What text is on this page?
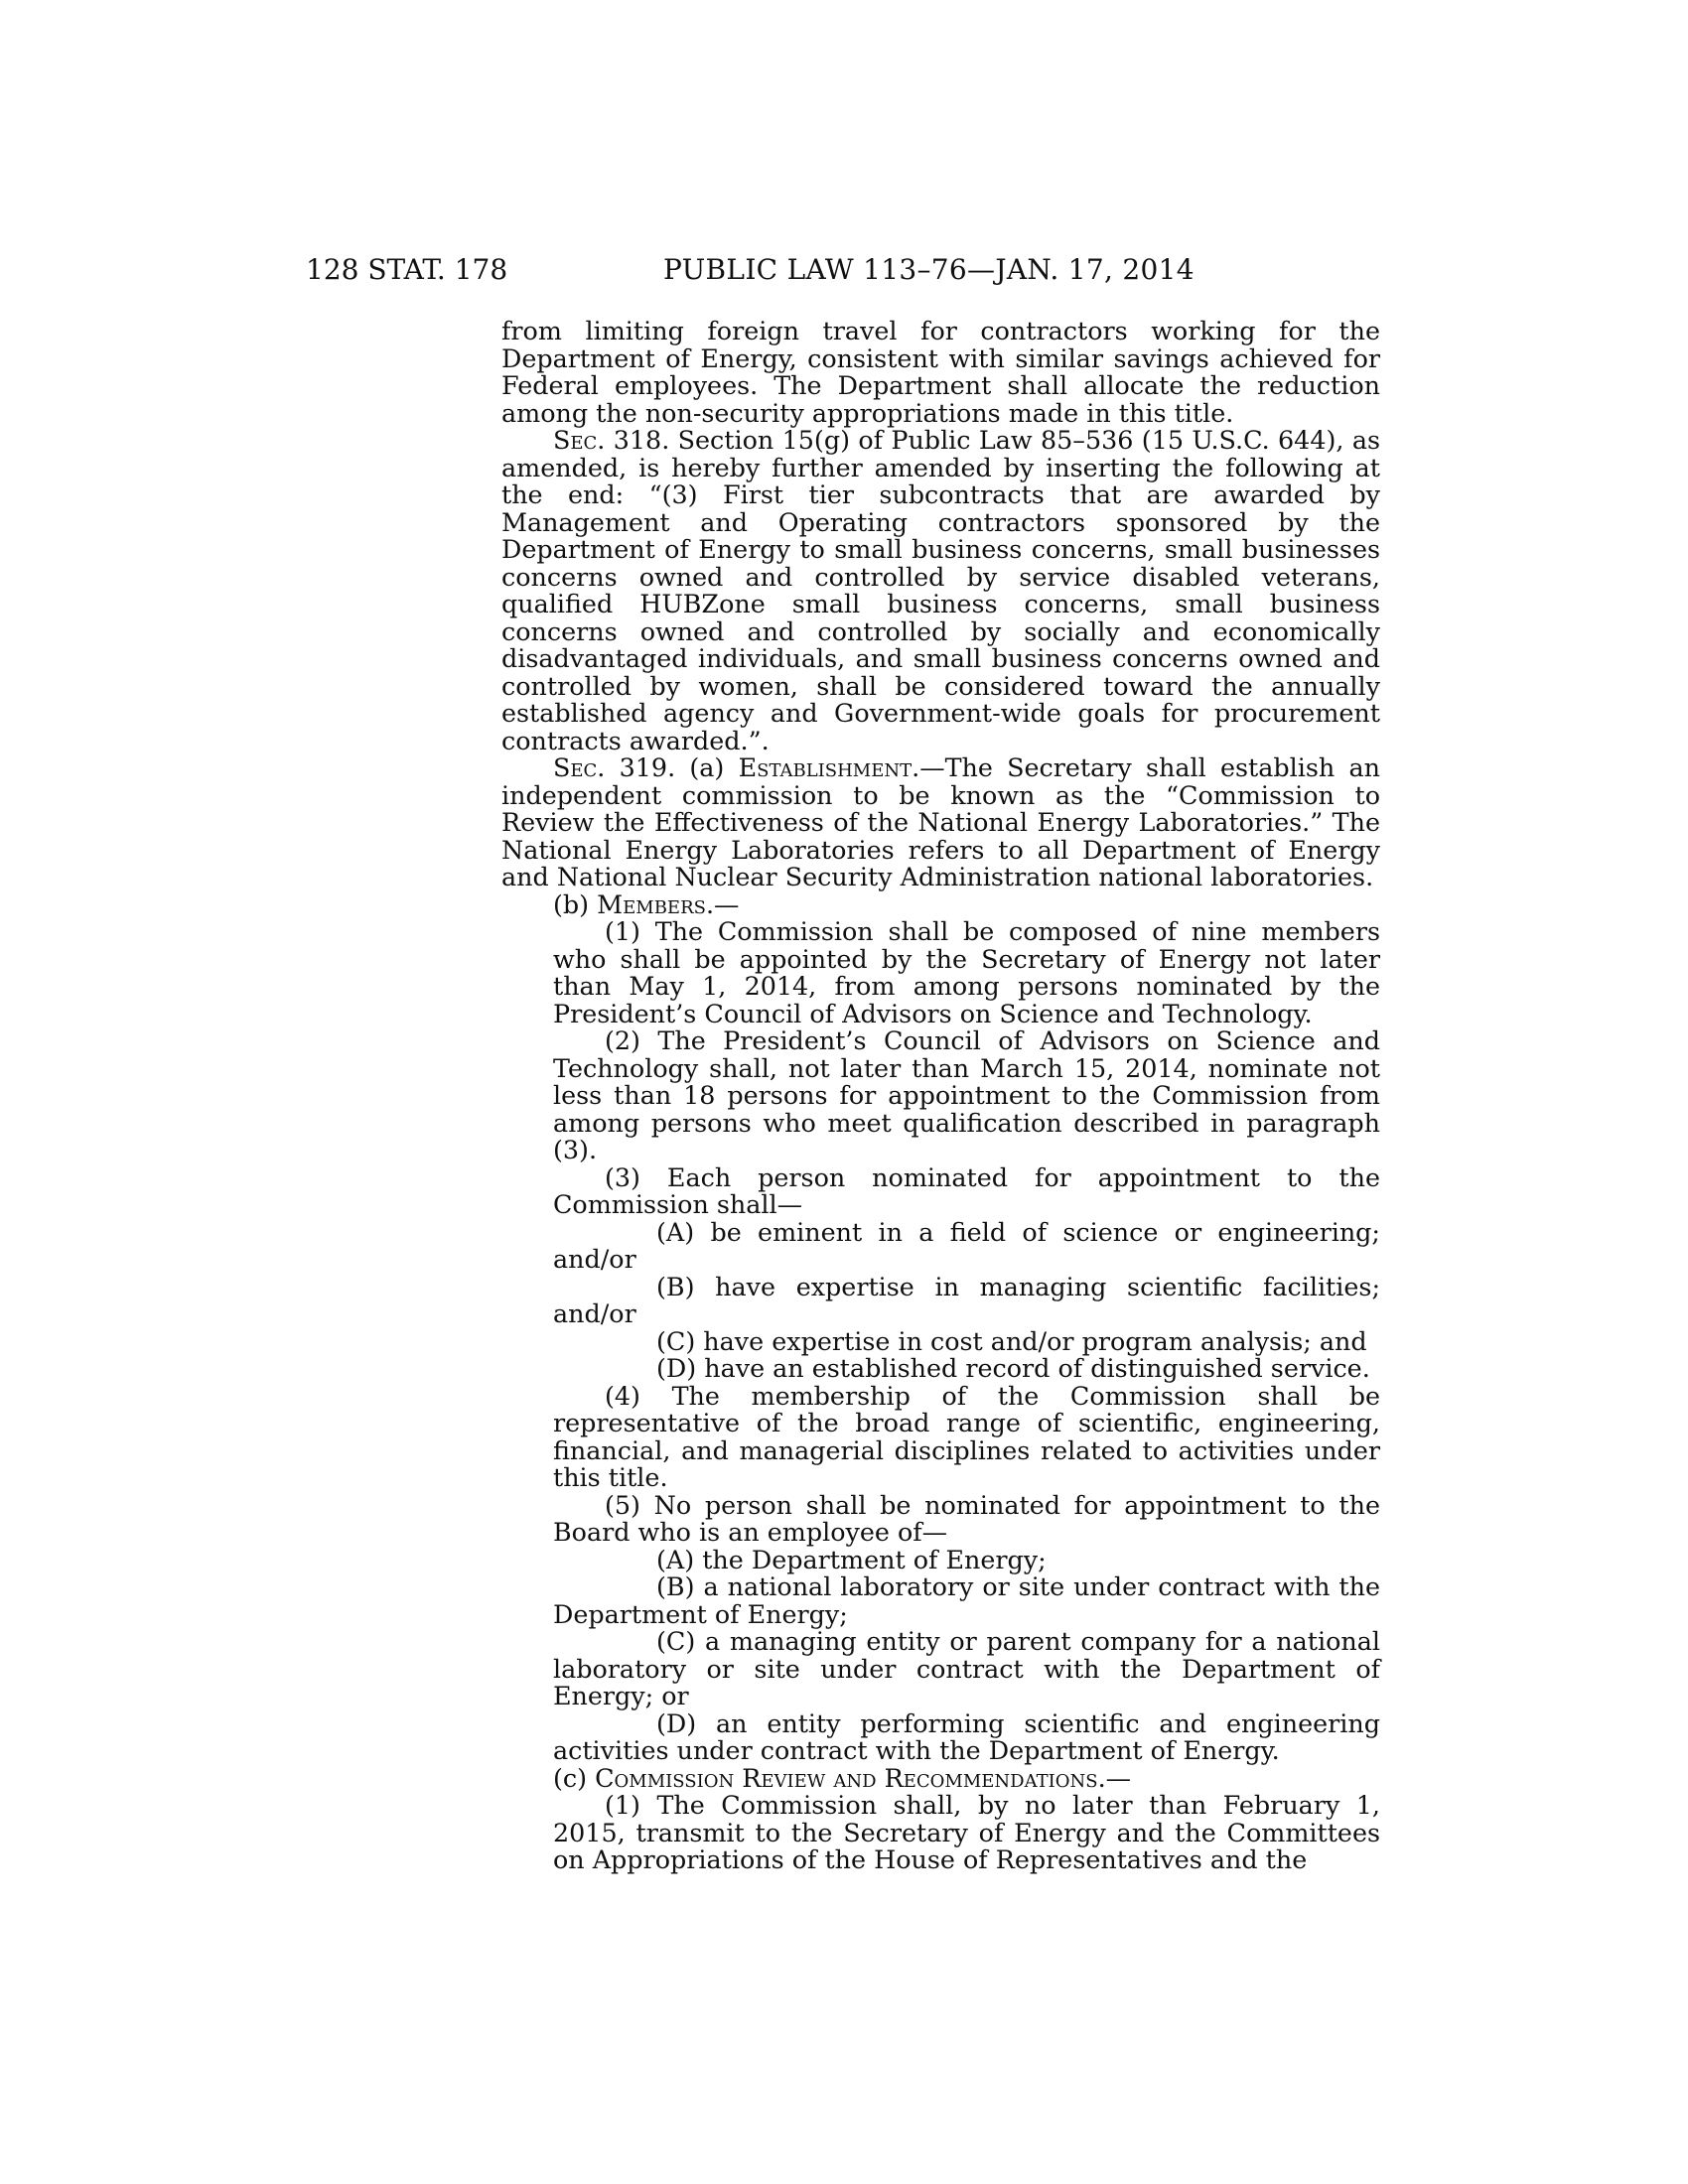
128 STAT. 178	PUBLIC LAW 113–76—JAN. 17, 2014

from limiting foreign travel for contractors working for the Department of Energy, consistent with similar savings achieved for Federal employees. The Department shall allocate the reduction among the non-security appropriations made in this title.

Sec. 318. Section 15(g) of Public Law 85–536 (15 U.S.C. 644), as amended, is hereby further amended by inserting the following at the end: “(3) First tier subcontracts that are awarded by Management and Operating contractors sponsored by the Department of Energy to small business concerns, small businesses concerns owned and controlled by service disabled veterans, qualified HUBZone small business concerns, small business concerns owned and controlled by socially and economically disadvantaged individuals, and small business concerns owned and controlled by women, shall be considered toward the annually established agency and Government-wide goals for procurement contracts awarded.”.

Sec. 319. (a) Establishment.—The Secretary shall establish an independent commission to be known as the “Commission to Review the Effectiveness of the National Energy Laboratories.” The National Energy Laboratories refers to all Department of Energy and National Nuclear Security Administration national laboratories.

(b) Members.—

(1) The Commission shall be composed of nine members who shall be appointed by the Secretary of Energy not later than May 1, 2014, from among persons nominated by the President’s Council of Advisors on Science and Technology.

(2) The President’s Council of Advisors on Science and Technology shall, not later than March 15, 2014, nominate not less than 18 persons for appointment to the Commission from among persons who meet qualification described in paragraph (3).

(3) Each person nominated for appointment to the Commission shall—

(A) be eminent in a field of science or engineering; and/or

(B) have expertise in managing scientific facilities; and/or

(C) have expertise in cost and/or program analysis; and

(D) have an established record of distinguished service.

(4) The membership of the Commission shall be representative of the broad range of scientific, engineering, financial, and managerial disciplines related to activities under this title.

(5) No person shall be nominated for appointment to the Board who is an employee of—

(A) the Department of Energy;

(B) a national laboratory or site under contract with the Department of Energy;

(C) a managing entity or parent company for a national laboratory or site under contract with the Department of Energy; or

(D) an entity performing scientific and engineering activities under contract with the Department of Energy.

(c) Commission Review and Recommendations.—

(1) The Commission shall, by no later than February 1, 2015, transmit to the Secretary of Energy and the Committees on Appropriations of the House of Representatives and the
